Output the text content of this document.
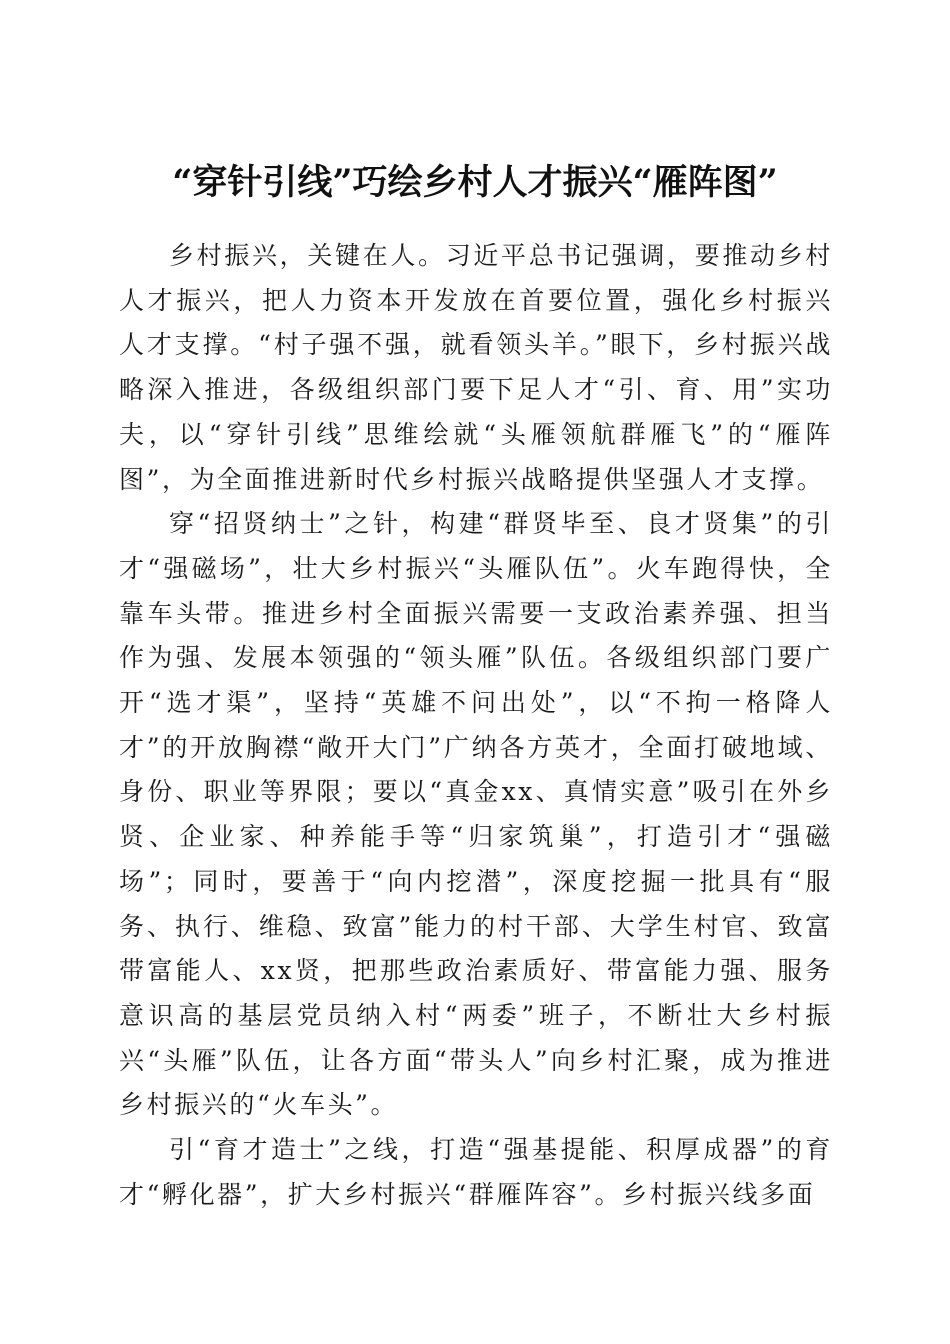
“穿针引线”巧绘乡村人才振兴“雁阵图”

乡村振兴，关键在人。习近平总书记强调，要推动乡村人才振兴，把人力资本开发放在首要位置，强化乡村振兴人才支撑。“村子强不强，就看领头羊。”眼下，乡村振兴战略深入推进，各级组织部门要下足人才“引、育、用”实功夫，以“穿针引线”思维绘就“头雁领航群雁飞”的“雁阵图”，为全面推进新时代乡村振兴战略提供坚强人才支撑。

穿“招贤纳士”之针，构建“群贤毕至、良才贤集”的引才“强磁场”，壮大乡村振兴“头雁队伍”。火车跑得快，全靠车头带。推进乡村全面振兴需要一支政治素养强、担当作为强、发展本领强的“领头雁”队伍。各级组织部门要广开“选才渠”，坚持“英雄不问出处”，以“不拘一格降人才”的开放胸襟“敞开大门”广纳各方英才，全面打破地域、身份、职业等界限；要以“真金xx、真情实意”吸引在外乡贤、企业家、种养能手等“归家筑巢”，打造引才“强磁场”；同时，要善于“向内挖潜”，深度挖掘一批具有“服务、执行、维稳、致富”能力的村干部、大学生村官、致富带富能人、xx贤，把那些政治素质好、带富能力强、服务意识高的基层党员纳入村“两委”班子，不断壮大乡村振兴“头雁”队伍，让各方面“带头人”向乡村汇聚，成为推进乡村振兴的“火车头”。

引“育才造士”之线，打造“强基提能、积厚成器”的育才“孵化器”，扩大乡村振兴“群雁阵容”。乡村振兴线多面
